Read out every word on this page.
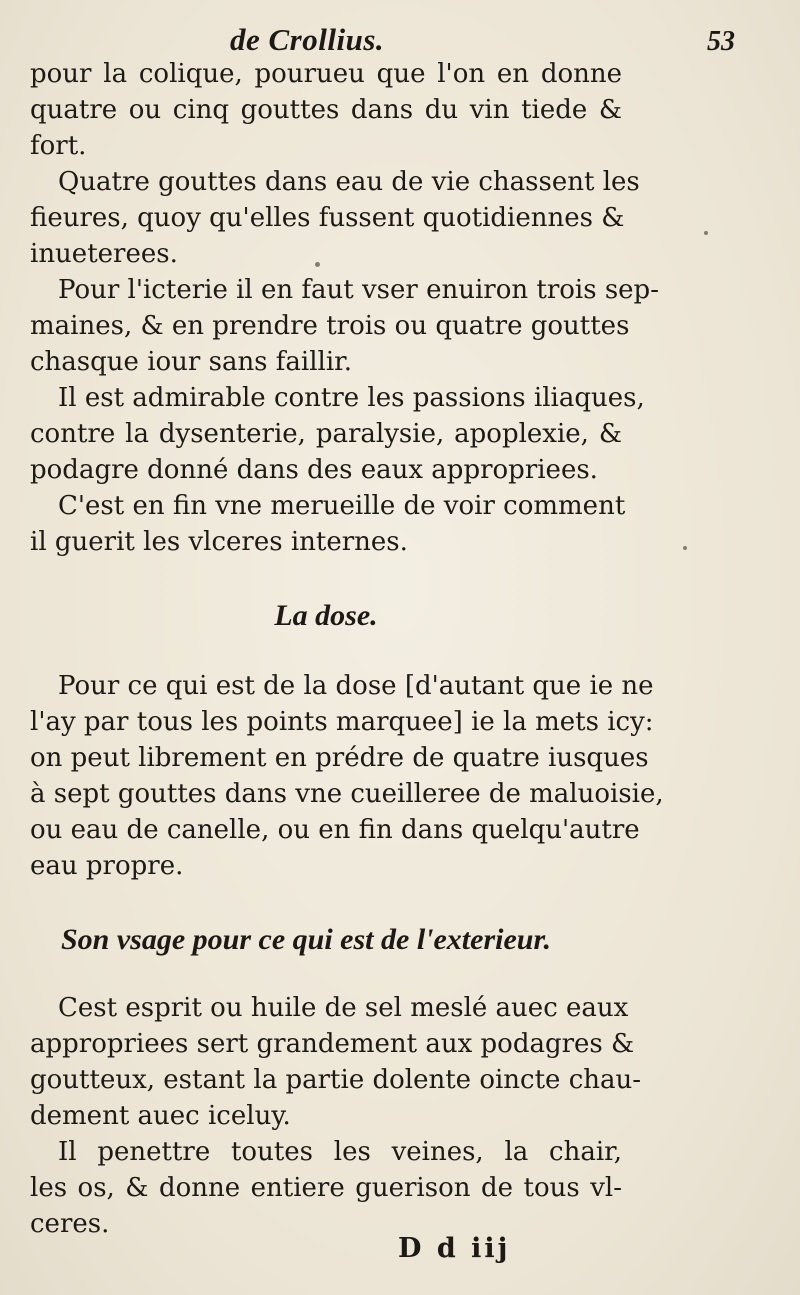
de Crollius.	53

pour la colique, pourueu que l'on en donne
quatre ou cinq gouttes dans du vin tiede &
fort.

Quatre gouttes dans eau de vie chassent les
fieures, quoy qu'elles fussent quotidiennes &
inueterees.

Pour l'icterie il en faut vser enuiron trois sep-
maines, & en prendre trois ou quatre gouttes
chasque iour sans faillir.

Il est admirable contre les passions iliaques,
contre la dysenterie, paralysie, apoplexie, &
podagre donné dans des eaux appropriees.

C'est en fin vne merueille de voir comment
il guerit les vlceres internes.

La dose.

Pour ce qui est de la dose [d'autant que ie ne
l'ay par tous les points marquee] ie la mets icy:
on peut librement en prédre de quatre iusques
à sept gouttes dans vne cueilleree de maluoisie,
ou eau de canelle, ou en fin dans quelqu'autre
eau propre.

Son vsage pour ce qui est de l'exterieur.

Cest esprit ou huile de sel meslé auec eaux
appropriees sert grandement aux podagres &
goutteux, estant la partie dolente oincte chau-
dement auec iceluy.

Il penettre toutes les veines, la chair,
les os, & donne entiere guerison de tous vl-
ceres.

D d iij
